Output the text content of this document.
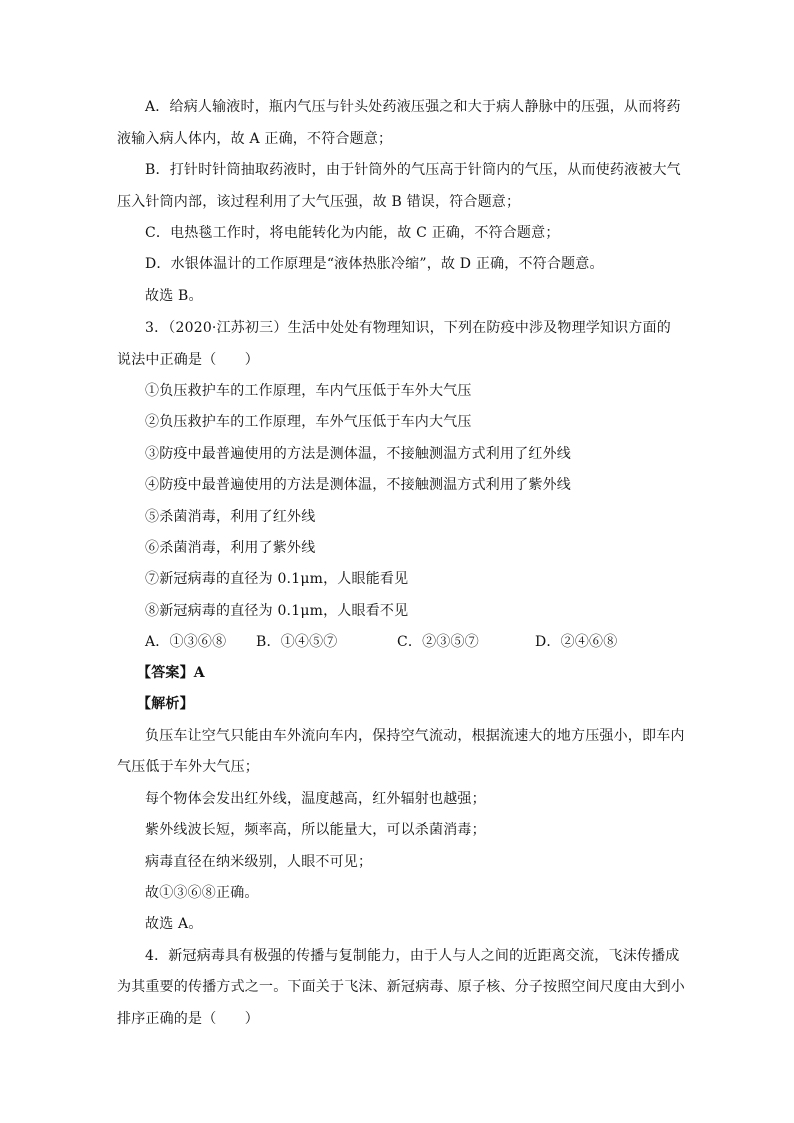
A．给病人输液时，瓶内气压与针头处药液压强之和大于病人静脉中的压强，从而将药
液输入病人体内，故 A 正确，不符合题意；
B．打针时针筒抽取药液时，由于针筒外的气压高于针筒内的气压，从而使药液被大气
压入针筒内部，该过程利用了大气压强，故 B 错误，符合题意；
C．电热毯工作时，将电能转化为内能，故 C 正确，不符合题意；
D．水银体温计的工作原理是“液体热胀冷缩”，故 D 正确，不符合题意。
故选 B。
3．（2020·江苏初三）生活中处处有物理知识，下列在防疫中涉及物理学知识方面的
说法中正确是（　　）
①负压救护车的工作原理，车内气压低于车外大气压
②负压救护车的工作原理，车外气压低于车内大气压
③防疫中最普遍使用的方法是测体温，不接触测温方式利用了红外线
④防疫中最普遍使用的方法是测体温，不接触测温方式利用了紫外线
⑤杀菌消毒，利用了红外线
⑥杀菌消毒，利用了紫外线
⑦新冠病毒的直径为 0.1μm，人眼能看见
⑧新冠病毒的直径为 0.1μm，人眼看不见
A．①③⑥⑧ B．①④⑤⑦	C．②③⑤⑦	D．②④⑥⑧
【答案】A
【解析】
负压车让空气只能由车外流向车内，保持空气流动，根据流速大的地方压强小，即车内
气压低于车外大气压；
每个物体会发出红外线，温度越高，红外辐射也越强；
紫外线波长短，频率高，所以能量大，可以杀菌消毒；
病毒直径在纳米级别，人眼不可见；
故①③⑥⑧正确。
故选 A。
4．新冠病毒具有极强的传播与复制能力，由于人与人之间的近距离交流，飞沫传播成
为其重要的传播方式之一。下面关于飞沫、新冠病毒、原子核、分子按照空间尺度由大到小
排序正确的是（　　）
